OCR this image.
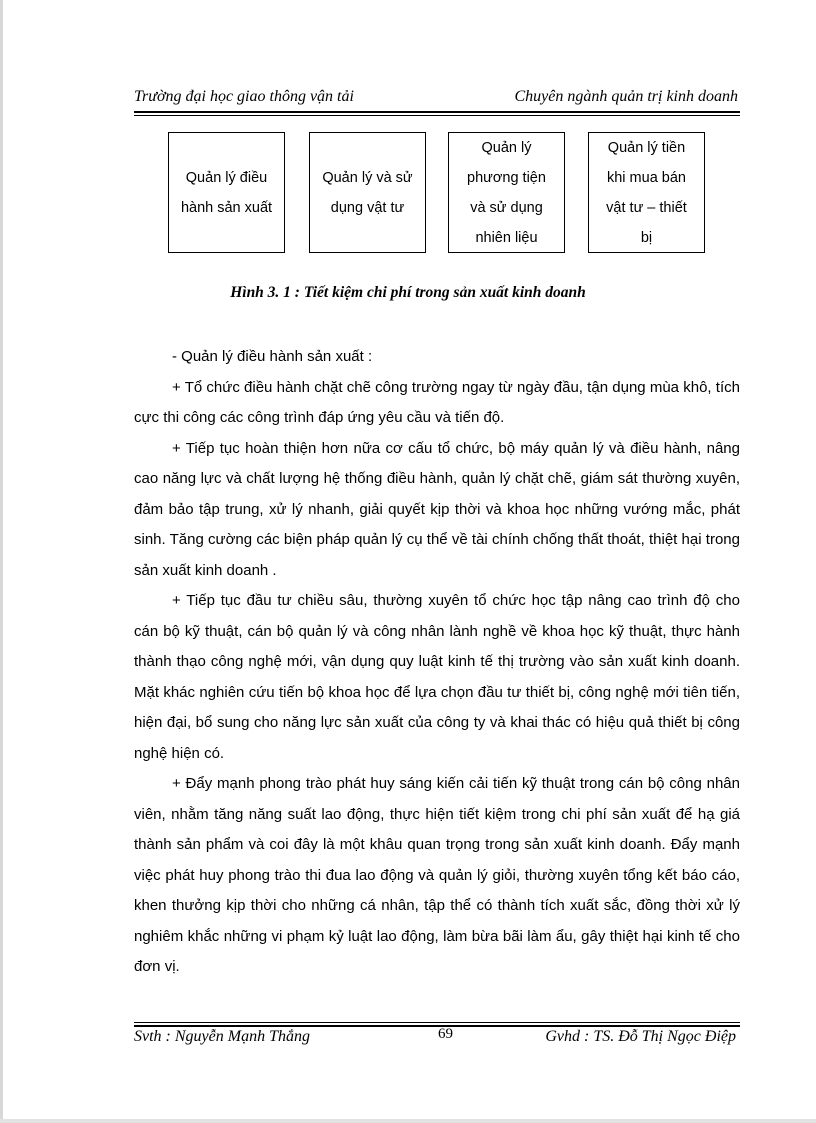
Trường đại học giao thông vận tải	Chuyên ngành quản trị kinh doanh
Quản lý điều
hành sản xuất
Quản lý và sử
dụng vật tư
Quản lý
phương tiện
và sử dụng
nhiên liệu
Quản lý tiền
khi mua bán
vật tư – thiết
bị
Hình 3. 1 : Tiết kiệm chi phí trong sản xuất kinh doanh

- Quản lý điều hành sản xuất :

+ Tổ chức điều hành chặt chẽ công trường ngay từ ngày đầu, tận dụng mùa khô, tích cực thi công các công trình đáp ứng yêu cầu và tiến độ.

+ Tiếp tục hoàn thiện hơn nữa cơ cấu tổ chức, bộ máy quản lý và điều hành, nâng cao năng lực và chất lượng hệ thống điều hành, quản lý chặt chẽ, giám sát thường xuyên, đảm bảo tập trung, xử lý nhanh, giải quyết kịp thời và khoa học những vướng mắc, phát sinh. Tăng cường các biện pháp quản lý cụ thể về tài chính chống thất thoát, thiệt hại trong sản xuất kinh doanh .

+ Tiếp tục đầu tư chiều sâu, thường xuyên tổ chức học tập nâng cao trình độ cho cán bộ kỹ thuật, cán bộ quản lý và công nhân lành nghề về khoa học kỹ thuật, thực hành thành thạo công nghệ mới, vận dụng quy luật kinh tế thị trường vào sản xuất kinh doanh. Mặt khác nghiên cứu tiến bộ khoa học để lựa chọn đầu tư thiết bị, công nghệ mới tiên tiến, hiện đại, bổ sung cho năng lực sản xuất của công ty và khai thác có hiệu quả thiết bị công nghệ hiện có.

+ Đẩy mạnh phong trào phát huy sáng kiến cải tiến kỹ thuật trong cán bộ công nhân viên, nhằm tăng năng suất lao động, thực hiện tiết kiệm trong chi phí sản xuất để hạ giá thành sản phẩm và coi đây là một khâu quan trọng trong sản xuất kinh doanh. Đẩy mạnh việc phát huy phong trào thi đua lao động và quản lý giỏi, thường xuyên tổng kết báo cáo, khen thưởng kịp thời cho những cá nhân, tập thể có thành tích xuất sắc, đồng thời xử lý nghiêm khắc những vi phạm kỷ luật lao động, làm bừa bãi làm ẩu, gây thiệt hại kinh tế cho đơn vị.

Svth : Nguyễn Mạnh Thắng	69	Gvhd : TS. Đỗ Thị Ngọc Điệp
